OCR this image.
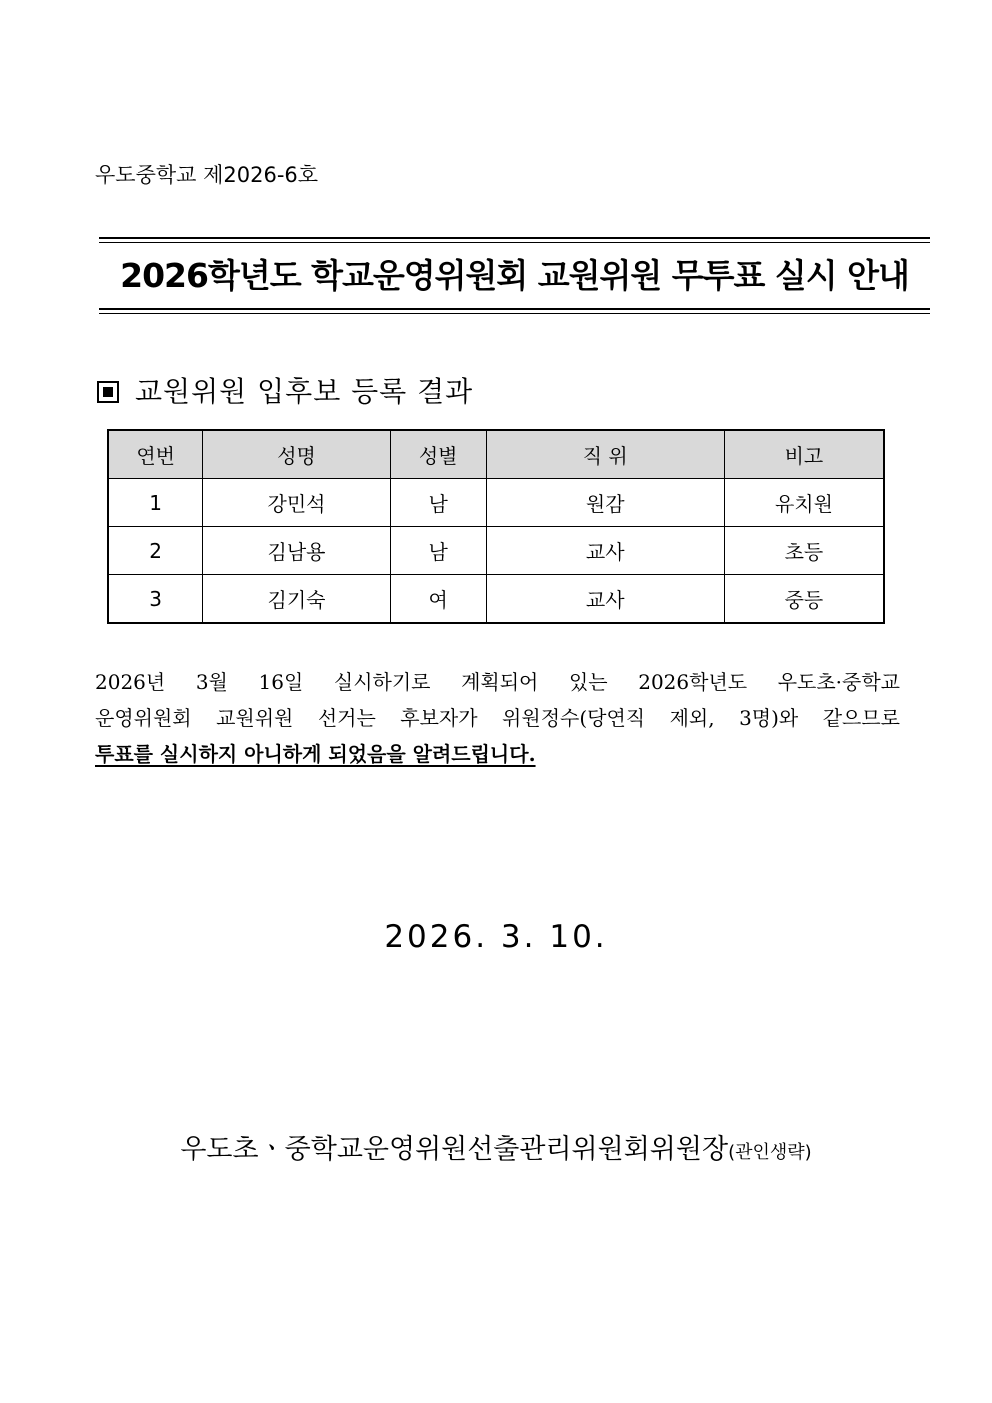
우도중학교 제2026-6호
2026학년도 학교운영위원회 교원위원 무투표 실시 안내
교원위원 입후보 등록 결과
연번	성명	성별	직 위	비고
1	강민석	남	원감	유치원
2	김남용	남	교사	초등
3	김기숙	여	교사	중등
2026년 3월 16일 실시하기로 계획되어 있는 2026학년도 우도초·중학교
운영위원회 교원위원 선거는 후보자가 위원정수(당연직 제외, 3명)와 같으므로
투표를 실시하지 아니하게 되었음을 알려드립니다.
2026. 3. 10.
우도초ㆍ중학교운영위원선출관리위원회위원장(관인생략)
